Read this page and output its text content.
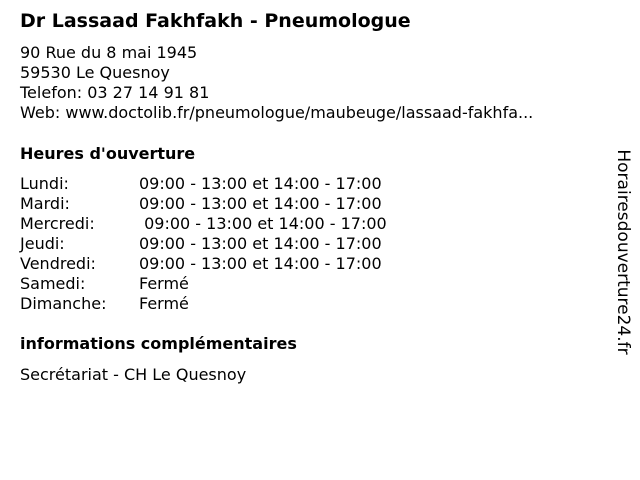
Dr Lassaad Fakhfakh - Pneumologue
90 Rue du 8 mai 1945
59530 Le Quesnoy
Telefon: 03 27 14 91 81
Web: www.doctolib.fr/pneumologue/maubeuge/lassaad-fakhfa...
Heures d'ouverture
Lundi:	09:00 - 13:00 et 14:00 - 17:00
Mardi:	09:00 - 13:00 et 14:00 - 17:00
Mercredi:	09:00 - 13:00 et 14:00 - 17:00
Jeudi:	09:00 - 13:00 et 14:00 - 17:00
Vendredi:	09:00 - 13:00 et 14:00 - 17:00
Samedi:	Fermé
Dimanche: Fermé
informations complémentaires
Secrétariat - CH Le Quesnoy
Horairesdouverture24.fr
